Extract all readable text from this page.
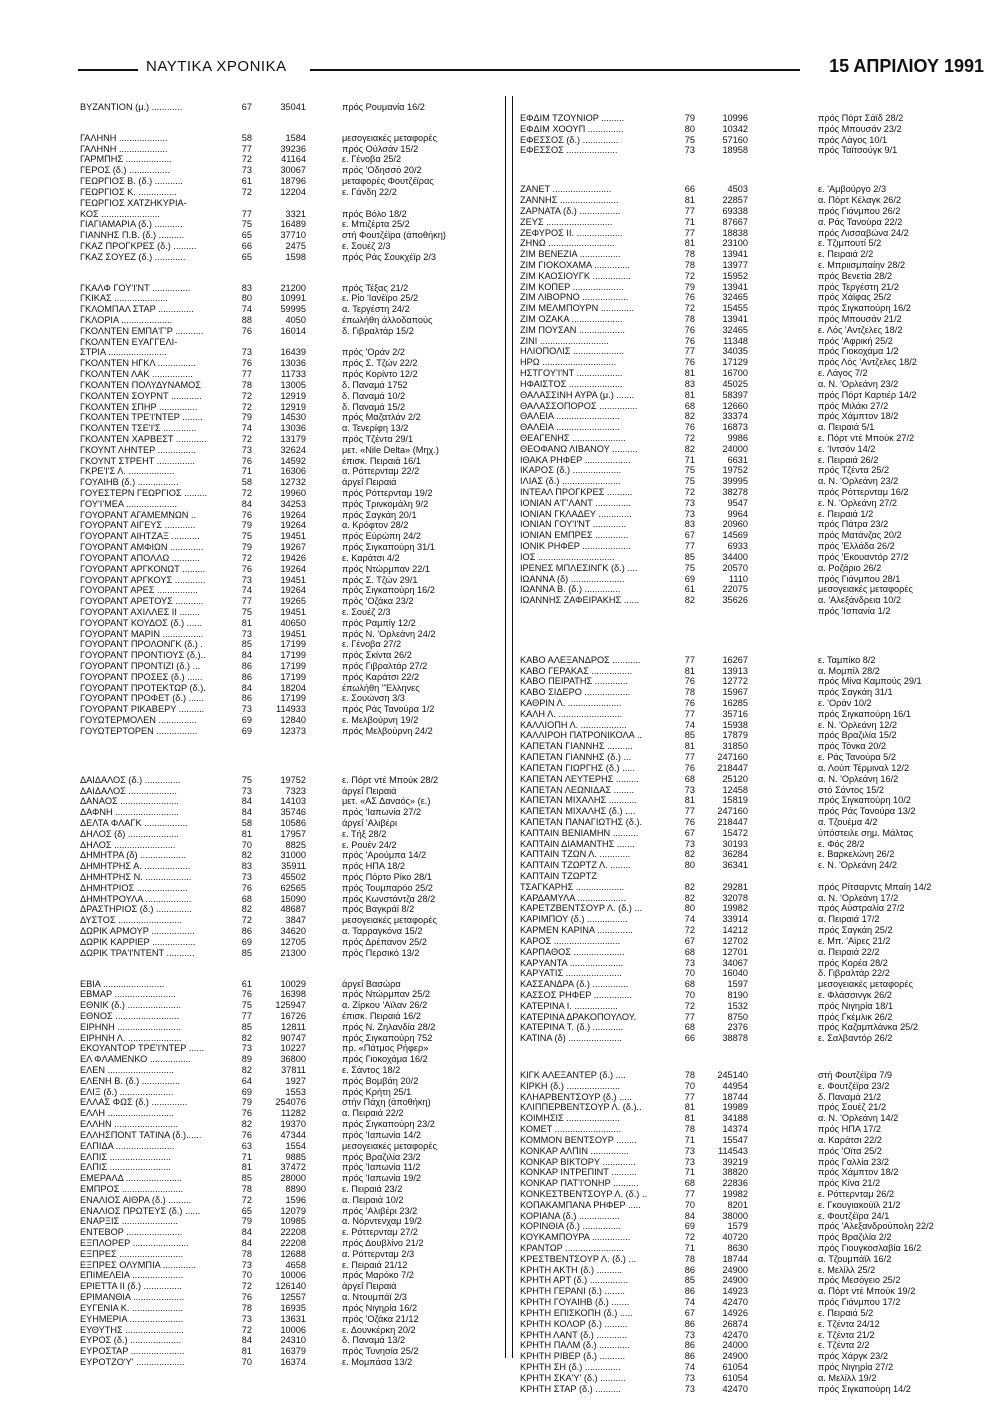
ΝΑΥΤΙΚΑ ΧΡΟΝΙΚΑ	15 ΑΠΡΙΛΙΟΥ 1991
ΒΥΖΑΝΤΙΟΝ (μ.) ............	67	35041	πρός Ρουμανία 16/2
ΓΑΛΗΝΗ ...................	58	1584	μεσογειακές μεταφορές
ΓΑΛΗΝΗ ...................	77	39236	πρός Ούλσάν 15/2
ΓΑΡΜΠΗΣ ..................	72	41164	ε. Γένοβα 25/2
ΓΕΡΟΣ (δ.) ................	73	30067	πρός 'Οδησσό 20/2
ΓΕΩΡΓΙΟΣ Β. (δ.) ...........	61	18796	μεταφορές Φουτζέϊρας
ΓΕΩΡΓΙΟΣ Κ. ...............	72	12204	ε. Γάνδη 22/2
ΓΕΩΡΓΙΟΣ ΧΑΤΖΗΚΥΡΙΑ-
ΚΟΣ .......................	77	3321	πρός Βόλο 18/2
ΓΙΑΓΙΑΜΑΡΙΑ (δ.) ...........	75	16489	ε. Μπιζέρτα 25/2
ΓΙΑΝΝΗΣ Π.Β. (δ.) ..........	65	37710	στή Φουτζέϊρα (άποθήκη)
ΓΚΑΖ ΠΡΟΓΚΡΕΣ (δ.) .........	66	2475	ε. Σουέζ 2/3
ΓΚΑΖ ΣΟΥΕΖ (δ.) ............	65	1598	πρός Ράς Σουκχέϊρ 2/3
ΓΚΑΛΦ ΓΟΥ'Ι'ΝΤ ...............	83	21200	πρός Τέξας 21/2
ΓΚΙΚΑΣ .....................	80	10991	ε. Ρίο 'Ιανέϊρο 25/2
ΓΚΛΟΜΠΑΛ ΣΤΑΡ ..............	74	59995	α. Τεργέστη 24/2
ΓΚΛΟΡΙΑ ....................	88	4050	έπωλήθη άλλοδαπούς
ΓΚΟΛΝΤΕΝ ΕΜΠΑ'Γ'Ρ ...........	76	16014	δ. Γιβραλτάρ 15/2
ΓΚΟΛΝΤΕΝ ΕΥΑΓΓΕΛΙ-
ΣΤΡΙΑ .......................	73	16439	πρός 'Οράν 2/2
ΓΚΟΛΝΤΕΝ ΗΓΚΛ ...............	76	13036	πρός Σ. Τζών 22/2
ΓΚΟΛΝΤΕΝ ΛΑΚ ................	77	11733	πρός Κορίντο 12/2
ΓΚΟΛΝΤΕΝ ΠΟΛΥΔΥΝΑΜΟΣ	78	13005	δ. Παναμά 1752
ΓΚΟΛΝΤΕΝ ΣΟΥΡΝΤ ............	72	12919	δ. Παναμά 10/2
ΓΚΟΛΝΤΕΝ ΣΠΗΡ ...............	72	12919	δ. Παναμά 15/2
ΓΚΟΛΝΤΕΝ ΤΡΕ'Ι'ΝΤΕΡ ........	79	14530	πρός Μαζατλάν 2/2
ΓΚΟΛΝΤΕΝ ΤΣΕ'Ι'Σ .............	74	13036	α. Τενερίφη 13/2
ΓΚΟΛΝΤΕΝ ΧΑΡΒΕΣΤ ............	72	13179	πρός Τζέντα 29/1
ΓΚΟΥΝΤ ΛΗΝΤΕΡ ...............	73	32624	μετ. «Nile Delta» (Μηχ.)
ΓΚΟΥΝΤ ΣΤΡΕΗΤ ...............	76	14592	έπισκ. Πειραιά 16/1
ΓΚΡΕ'Ι'Σ Λ. ..................	71	16306	α. Ρόττερνταμ 22/2
ΓΟΥΑΙΗΒ (δ.) ................	58	12732	άργεΐ Πειραιά
ΓΟΥΕΣΤΕΡΝ ΓΕΩΡΓΙΟΣ .........	72	19960	πρός Ρόττερνταμ 19/2
ΓΟΥ'Ι'ΜΕΑ ....................	84	34253	πρός Τρινκομάλη 9/2
ΓΟΥΟΡΑΝΤ ΑΓΑΜΕΜΝΩΝ ..	76	19264	πρός Σαγκάη 20/1
ΓΟΥΟΡΑΝΤ ΑΙΓΕΥΣ ............	79	19264	α. Κρόφτον 28/2
ΓΟΥΟΡΑΝΤ ΑΙΗΤΖΑΞ ...........	75	19451	πρός Εύρώπη 24/2
ΓΟΥΟΡΑΝΤ ΑΜΦΙΩΝ .............	79	19267	πρός Σιγκαπούρη 31/1
ΓΟΥΟΡΑΝΤ ΑΠΟΛΛΩ ...........	72	19426	ε. Καράτσι 4/2
ΓΟΥΟΡΑΝΤ ΑΡΓΚΟΝΩΤ .........	76	19264	πρός Ντώρμπαν 22/1
ΓΟΥΟΡΑΝΤ ΑΡΓΚΟΥΣ ............	73	19451	πρός Σ. Τζών 29/1
ΓΟΥΟΡΑΝΤ ΑΡΕΣ ................	74	19264	πρός Σιγκαπούρη 16/2
ΓΟΥΟΡΑΝΤ ΑΡΕΤΟΥΣ ...........	77	19265	πρός 'Οζάκα 23/2
ΓΟΥΟΡΑΝΤ ΑΧΙΛΛΕΣ ΙΙ ........	75	19451	ε. Σουέζ 2/3
ΓΟΥΟΡΑΝΤ ΚΟΥΔΟΣ (δ.) ......	81	40650	πρός Ραμπίγ 12/2
ΓΟΥΟΡΑΝΤ ΜΑΡΙΝ ................	73	19451	πρός Ν. 'Ορλεάνη 24/2
ΓΟΥΟΡΑΝΤ ΠΡΟΛΟΝΓΚ (δ.) .	85	17199	ε. Γένοβα 27/2
ΓΟΥΟΡΑΝΤ ΠΡΟΝΤΙΟΥΣ (δ.)..	84	17199	πρός Σκίντα 26/2
ΓΟΥΟΡΑΝΤ ΠΡΟΝΤΙΖΙ (δ.) ...	86	17199	πρός Γιβραλτάρ 27/2
ΓΟΥΟΡΑΝΤ ΠΡΟΣΕΣ (δ.) ......	86	17199	πρός Καράτσι 22/2
ΓΟΥΟΡΑΝΤ ΠΡΟΤΕΚΤΩΡ (δ.).	84	18204	έπωλήθη "Έλληνες
ΓΟΥΟΡΑΝΤ ΠΡΟΦΕΤ (δ.) ......	86	17199	ε. Σουώνση 3/3
ΓΟΥΟΡΑΝΤ ΡΙΚΑΒΕΡΥ ..........	73	114933	πρός Ράς Τανούρα 1/2
ΓΟΥΩΤΕΡΜΟΛΕΝ ...............	69	12840	ε. Μελβούρνη 19/2
ΓΟΥΩΤΕΡΤΟΡΕΝ ................	69	12373	πρός Μελβούρνη 24/2
ΔΑΙΔΑΛΟΣ (δ.) ..............	75	19752	ε. Πόρτ ντέ Μπούκ 28/2
ΔΑΙΔΑΛΟΣ ...................	73	7323	άργεΐ Πειραιά
ΔΑΝΑΟΣ .......................	84	14103	μετ. «ΑΣ Δαναός» (ε.)
ΔΑΦΝΗ .........................	84	35746	πρός 'Ιαπωνία 27/2
ΔΕΛΤΑ ΦΛΑΓΚ .................	58	10586	άργεΐ 'Αλιβέρι
ΔΗΛΟΣ (δ) ....................	81	17957	ε. Τήξ 28/2
ΔΗΛΟΣ ........................	70	8825	ε. Ρουέν 24/2
ΔΗΜΗΤΡΑ (δ) ..................	82	31000	πρός 'Αρούμπα 14/2
ΔΗΜΗΤΡΗΣ Α. ..................	83	35911	πρός ΗΠΑ 18/2
ΔΗΜΗΤΡΗΣ Ν. ..................	73	45502	πρός Πόρτο Ρίκο 28/1
ΔΗΜΗΤΡΙΟΣ ....................	76	62565	πρός Τουμπαρόο 25/2
ΔΗΜΗΤΡΟΥΛΑ ..................	68	15090	πρός Κωνστάντζα 28/2
ΔΡΑΣΤΗΡΙΟΣ (δ.) ..............	82	48687	πρός Βαγκράϊ 8/2
ΔΥΣΤΟΣ .........................	72	3847	μεσογειακές μεταφορές
ΔΩΡΙΚ ΑΡΜΟΥΡ .................	86	34620	α. Ταρραγκόνα 15/2
ΔΩΡΙΚ ΚΑΡΡΙΕΡ .................	69	12705	πρός Δρέπανον 25/2
ΔΩΡΙΚ ΤΡΑ'Ι'ΝΤΕΝΤ ...........	85	21300	πρός Περσικό 13/2
ΕΒΙΑ ........................	61	10029	άργεΐ Βασώρα
ΕΒΜΑΡ ........................	76	16398	πρός Ντώρμπαν 25/2
ΕΘΝΙΚ (δ.) .....................	75	125947	α. Ζίρκου 'Αϊλαν 26/2
ΕΘΝΟΣ .........................	77	16726	έπισκ. Πειραιά 16/2
ΕΙΡΗΝΗ .........................	85	12811	πρός Ν. Ζηλανδία 28/2
ΕΙΡΗΝΗ Λ. .....................	82	90747	πρός Σιγκαπούρη 752
ΕΚΟΥΑΝΤΟΡ ΤΡΕ'Ι'ΝΤΕΡ ......	73	10227	πρ. «Πάτμος Ρήφερ»
ΕΛ ΦΛΑΜΕΝΚΟ ................	89	36800	πρός Γιοκοχάμα 16/2
ΕΛΕΝ ..........................	82	37811	ε. Σάντος 18/2
ΕΛΕΝΗ Β. (δ.) ...............	64	1927	πρός Βομβάη 20/2
ΕΛΙΞ (δ.) .....................	69	1553	πρός Κρήτη 25/1
ΕΛΛΑΣ ΦΩΣ (δ.) ..............	79	254076	στήν Πάχη (άποθήκη)
ΕΛΛΗ ..........................	76	11282	α. Πειραιά 22/2
ΕΛΛΗΝ .........................	82	19370	πρός Σιγκαπούρη 23/2
ΕΛΛΗΣΠΟΝΤ ΤΑΤΙΝΑ (δ.)......	76	47344	πρός 'Ιαπωνία 14/2
ΕΛΠΙΔΑ .......................	63	1554	μεσογειακές μεταφορές
ΕΛΠΙΣ ........................	71	9885	πρός Βραζιλία 23/2
ΕΛΠΙΣ ........................	81	37472	πρός 'Ιαπωνία 11/2
ΕΜΕΡΑΛΔ ......................	85	28000	πρός 'Ιαπωνία 19/2
ΕΜΠΡΟΣ ........................	78	8890	ε. Πειραιά 23/2
ΕΝΑΛΙΟΣ ΑΙΘΡΑ (δ.) .........	72	1596	α. Πειραιά 10/2
ΕΝΑΛΙΟΣ ΠΡΩΤΕΥΣ (δ.) ......	65	12079	πρός 'Αλιβέρι 23/2
ΕΝΑΡΞΙΣ ......................	79	10985	α. Νόρντενχαμ 19/2
ΕΝΤΕΒΟΡ ......................	84	22208	ε. Ρόττερνταμ 27/2
ΕΞΠΛΟΡΕΡ ......................	84	22208	πρός Δουβλίνο 21/2
ΕΞΠΡΕΣ .........................	78	12688	α. Ρόττερνταμ 2/3
ΕΞΠΡΕΣ ΟΛΥΜΠΙΑ .............	73	4658	ε. Πειραιά 21/12
ΕΠΙΜΕΛΕΙΑ ....................	70	10006	πρός Μαρόκο 7/2
ΕΡΙΕΤΤΑ ΙΙ (δ.) ...............	72	126140	άργεΐ Πειραιά
ΕΡΙΜΑΝΘΙΑ ....................	76	12557	α. Ντουμπάϊ 2/3
ΕΥΓΕΝΙΑ Κ. ....................	78	16935	πρός Νιγηρία 16/2
ΕΥΗΜΕΡΙΑ .....................	73	13631	πρός 'Οζάκα 21/12
ΕΥΘΥΤΗΣ .......................	72	10006	ε. Δουνκέρκη 20/2
ΕΥΡΟΣ (δ.) ....................	84	24310	δ. Παναμά 13/2
ΕΥΡΟΣΤΑΡ .....................	81	16379	πρός Τυνησία 25/2
ΕΥΡΟΤΖΟ'Υ' ...................	70	16374	ε. Μομπάσα 13/2
ΕΦΔΙΜ ΤΖΟΥΝΙΟΡ .........	79	10996	πρός Πόρτ Σάϊδ 28/2
ΕΦΔΙΜ ΧΟΟΥΠ ..............	80	10342	πρός Μπουσάν 23/2
ΕΦΕΣΣΟΣ (δ.) ..............	75	57160	πρός Λάγος 10/1
ΕΦΕΣΣΟΣ ....................	73	18958	πρός Ταϊτσούγκ 9/1
ΖΑΝΕΤ .......................	66	4503	ε. 'Αμβούργο 2/3
ΖΑΝΝΗΣ .......................	81	22857	α. Πόρτ Κέλαγκ 26/2
ΖΑΡΝΑΤΑ (δ.) ................	77	69338	πρός Γιάνμπου 26/2
ΖΕΥΣ ..........................	71	87667	α. Ράς Τανούρα 22/2
ΖΕΦΥΡΟΣ ΙΙ. ..................	77	18838	πρός Λισσαβώνα 24/2
ΖΗΝΩ ..........................	81	23100	ε. Τζιμπουτί 5/2
ΖΙΜ ΒΕΝΕΖΙΑ ................	78	13941	ε. Πειραιά 2/2
ΖΙΜ ΓΙΟΚΟΧΑΜΑ ..............	78	13977	ε. Μπριισμπαίην 28/2
ΖΙΜ ΚΑΟΣΙΟΥΓΚ ...............	72	15952	πρός Βενετία 28/2
ΖΙΜ ΚΟΠΕΡ ....................	79	13941	πρός Τεργέστη 21/2
ΖΙΜ ΛΙΒΟΡΝΟ ..................	76	32465	πρός Χάϊφας 25/2
ΖΙΜ ΜΕΛΜΠΟΥΡΝ .............	72	15455	πρός Σιγκαπούρη 16/2
ΖΙΜ ΟΖΑΚΑ ....................	78	13941	πρός Μπουσάν 21/2
ΖΙΜ ΠΟΥΣΑΝ ..................	76	32465	ε. Λός 'Αντζελες 18/2
ΖΙΝΙ ...........................	76	11348	πρός 'Αφρική 25/2
ΗΛΙΟΠΟΛΙΣ ....................	77	34035	πρός Γιοκοχάμα 1/2
ΗΡΩ .............................	76	17129	πρός Λός 'Αντζελες 18/2
ΗΣΤΓΟΥ'Ι'ΝΤ ..................	81	16700	ε. Λάγος 7/2
ΗΦΑΙΣΤΟΣ .....................	83	45025	α. Ν. 'Ορλεάνη 23/2
ΘΑΛΑΣΣΙΝΗ ΑΥΡΑ (μ.) .......	81	58397	πρός Πόρτ Καρτιέρ 14/2
ΘΑΛΑΣΣΟΠΟΡΟΣ ...............	68	12660	πρός Μιλάκι 27/2
ΘΑΛΕΙΑ .........................	82	33374	πρός Χάμπτον 18/2
ΘΑΛΕΙΑ .........................	76	16873	α. Πειραιά 5/1
ΘΕΑΓΕΝΗΣ .....................	72	9986	ε. Πόρτ ντέ Μπούκ 27/2
ΘΕΟΦΑΝΩ ΛΙΒΑΝΟΥ ..........	82	24000	ε. 'Ιντσόν 14/2
ΙΘΑΚΑ ΡΗΦΕΡ ..................	71	6631	ε. Πειραιά 26/2
ΙΚΑΡΟΣ (δ.) ...................	75	19752	πρός Τζέντα 25/2
ΙΛΙΑΣ (δ.) .......................	75	39995	α. Ν. 'Ορλεάνη 23/2
ΙΝΤΕΑΛ ΠΡΟΓΚΡΕΣ ..........	72	38278	πρός Ρόττερνταμ 16/2
ΙΟΝΙΑΝ Α'Γ'ΛΑΝΤ ..............	73	9547	ε. Ν. 'Ορλεάνη 27/2
ΙΟΝΙΑΝ ΓΚΛΑΔΕΥ .............	73	9964	ε. Πειραιά 1/2
ΙΟΝΙΑΝ ΓΟΥ'Ι'ΝΤ .............	83	20960	πρός Πάτρα 23/2
ΙΟΝΙΑΝ ΕΜΠΡΕΣ .............	67	14569	πρός Ματάνζας 20/2
ΙΟΝΙΚ ΡΗΦΕΡ ...................	77	6933	πρός 'Ελλάδα 26/2
ΙΟΣ ..............................	85	34400	πρός 'Εκουαντόρ 27/2
ΙΡΕΝΕΣ ΜΠΛΕΣΙΝΓΚ (δ.) ....	75	20570	α. Ροζάριο 26/2
ΙΩΑΝΝΑ (δ) .....................	69	1110	πρός Γιάνμπου 28/1
ΙΩΑΝΝΑ Β. (δ.) ..............	61	22075	μεσογειακές μεταφορές
ΙΩΑΝΝΗΣ ΖΑΦΕΙΡΑΚΗΣ ......	82	35626	α. 'Αλεξάνδρεια 10/2
πρός 'Ισπανία 1/2
ΚΑΒΟ ΑΛΕΞΑΝΔΡΟΣ ...........	77	16267	ε. Ταμπίκο 8/2
ΚΑΒΟ ΓΕΡΑΚΑΣ ................	81	13913	α. Μομπίλ 28/2
ΚΑΒΟ ΠΕΙΡΑΤΗΣ .............	76	12772	πρός Μίνα Καμπούς 29/1
ΚΑΒΟ ΣΙΔΕΡΟ ..................	78	15967	πρός Σαγκάη 31/1
ΚΑΘΡΙΝ Λ. .....................	76	16285	ε. 'Οράν 10/2
ΚΑΛΗ Λ. .........................	77	35716	πρός Σιγκαπούρη 16/1
ΚΑΛΛΙΟΠΗ Λ. ..................	74	15938	ε. Ν. 'Ορλεάνη 12/2
ΚΑΛΛΙΡΟΗ ΠΑΤΡΟΝΙΚΟΛΑ ..	85	17879	πρός Βραζιλία 15/2
ΚΑΠΕΤΑΝ ΓΙΑΝΝΗΣ ..........	81	31850	πρός Τόνκα 20/2
ΚΑΠΕΤΑΝ ΓΙΑΝΝΗΣ (δ.) ...	77	247160	ε. Ράς Τανούρα 5/2
ΚΑΠΕΤΑΝ ΓΙΩΡΓΗΣ (δ.) .....	76	218447	α. Λούπ Τέρμιναλ 12/2
ΚΑΠΕΤΑΝ ΛΕΥΤΕΡΗΣ .........	68	25120	α. Ν. 'Ορλεάνη 16/2
ΚΑΠΕΤΑΝ ΛΕΩΝΙΔΑΣ ........	73	12458	στό Σάντος 15/2
ΚΑΠΕΤΑΝ ΜΙΧΑΛΗΣ ...........	81	15819	πρός Σιγκαπούρη 10/2
ΚΑΠΕΤΑΝ ΜΙΧΑΛΗΣ (δ.) ....	77	247160	πρός Ράς Τανούρα 13/2
ΚΑΠΕΤΑΝ ΠΑΝΑΓΙΩΤΗΣ (δ.).	76	218447	α. Τζουέμα 4/2
ΚΑΠΤΑΙΝ ΒΕΝΙΑΜΗΝ ..........	67	15472	ύπόστειλε σημ. Μάλτας
ΚΑΠΤΑΙΝ ΔΙΑΜΑΝΤΗΣ .......	73	30193	ε. Φός 28/2
ΚΑΠΤΑΙΝ ΤΖΩΝ Λ. ............	82	36284	ε. Βαρκελώνη 26/2
ΚΑΠΤΑΙΝ ΤΖΩΡΤΖ Λ. ........	80	36341	ε. Ν. 'Ορλεάνη 24/2
ΚΑΠΤΑΙΝ ΤΖΩΡΤΖ
ΤΣΑΓΚΑΡΗΣ ...................	82	29281	πρός Ρίτσαρντς Μπαίη 14/2
ΚΑΡΔΑΜΥΛΑ ...................	82	32078	α. Ν. 'Ορλεάνη 17/2
ΚΑΡΕΤΖΒΕΝΤΣΟΥΡ Λ. (δ.) ...	80	19982	πρός Αύστραλία 27/2
ΚΑΡΙΜΠΟΥ (δ.) ................	74	33914	α. Πειραιά 17/2
ΚΑΡΜΕΝ ΚΑΡΙΝΑ ..............	72	14212	πρός Σαγκάη 25/2
ΚΑΡΟΣ ..........................	67	12702	ε. Μπ. 'Αϊρες 21/2
ΚΑΡΠΑΘΟΣ ....................	68	12701	α. Πειραιά 22/2
ΚΑΡΥΑΝΤΑ .....................	73	34067	πρός Κορέα 28/2
ΚΑΡΥΑΤΙΣ ......................	70	16040	δ. Γιβραλτάρ 22/2
ΚΑΣΣΑΝΔΡΑ (δ.) ..............	68	1597	μεσογειακές μεταφορές
ΚΑΣΣΟΣ ΡΗΦΕΡ ...............	70	8190	ε. Φλάσσινγκ 26/2
ΚΑΤΕΡΙΝΑ Ι. .................	72	1532	πρός Νιγηρία 18/1
ΚΑΤΕΡΙΝΑ ΔΡΑΚΟΠΟΥΛΟΥ.	77	8750	πρός Γκέμλικ 26/2
ΚΑΤΕΡΙΝΑ Τ. (δ.) ............	68	2376	πρός Καζαμπλάνκα 25/2
ΚΑΤΙΝΑ (δ) .....................	66	38878	ε. Σαλβαντόρ 26/2
ΚΙΓΚ ΑΛΕΞΑΝΤΕΡ (δ.) ....	78	245140	στή Φουτζέϊρα 7/9
ΚΙΡΚΗ (δ.) .....................	70	44954	ε. Φουτζέϊρα 23/2
ΚΛΗΑΡΒΕΝΤΣΟΥΡ (δ.) .....	77	18744	δ. Παναμά 21/2
ΚΛΙΠΠΕΡΒΕΝΤΣΟΥΡ Λ. (δ.)..	81	19989	πρός Σουέζ 21/2
ΚΟΙΜΗΣΙΣ .....................	81	34188	α. Ν. 'Ορλεάνη 14/2
ΚΟΜΕΤ ..........................	78	14374	πρός ΗΠΑ 17/2
ΚΟΜΜΟΝ ΒΕΝΤΣΟΥΡ ........	71	15547	α. Καράτσι 22/2
ΚΟΝΚΑΡ ΑΛΠΙΝ ...............	73	114543	πρός 'Οϊτα 25/2
ΚΟΝΚΑΡ ΒΙΚΤΟΡΥ .............	73	39219	πρός Γαλλία 23/2
ΚΟΝΚΑΡ ΙΝΤΡΕΠΙΝΤ ..........	71	38820	πρός Χάμπτον 18/2
ΚΟΝΚΑΡ ΠΑΤ'Ι'ΟΝΗΡ ..........	68	22836	πρός Κίνα 21/2
ΚΟΝΚΕΣΤΒΕΝΤΣΟΥΡ Λ. (δ.) ..	77	19982	ε. Ρόττερνταμ 26/2
ΚΟΠΑΚΑΜΠΑΝΑ ΡΗΦΕΡ .....	70	8201	ε. Γκουγιακούϊλ 21/2
ΚΟΡΙΑΝΑ (δ.) ................	84	38000	ε. Φουτζέϊρα 24/1
ΚΟΡΙΝΘΙΑ (δ.) ...............	69	1579	πρός 'Αλεξανδρούπολη 22/2
ΚΟΥΚΑΜΠΟΥΡΑ ...............	72	40720	πρός Βραζιλία 2/2
ΚΡΑΝΤΩΡ .......................	71	8630	πρός Γιουγκοσλαβία 16/2
ΚΡΕΣΤΒΕΝΤΣΟΥΡ Λ. (δ.) ...	78	18744	α. Τζουμπάϊλ 16/2
ΚΡΗΤΗ ΑΚΤΗ (δ.) ..........	86	24900	ε. Μελίλλ 25/2
ΚΡΗΤΗ ΑΡΤ (δ.) ...............	85	24900	πρός Μεσόγειο 25/2
ΚΡΗΤΗ ΓΕΡΑΝΙ (δ.) ........	86	14923	α. Πόρτ ντέ Μπούκ 19/2
ΚΡΗΤΗ ΓΟΥΑΙΗΒ (δ.) .......	74	42470	πρός Γιάνμπου 17/2
ΚΡΗΤΗ ΕΠΙΣΚΟΠΗ (δ.) .....	67	14926	ε. Πειραιά 5/2
ΚΡΗΤΗ ΚΟΛΟΡ (δ.) .........	86	26874	ε. Τζέντα 24/12
ΚΡΗΤΗ ΛΑΝΤ (δ.) ............	73	42470	ε. Τζέντα 21/2
ΚΡΗΤΗ ΠΑΛΜ (δ.) ............	86	24000	ε. Τζέντα 2/2
ΚΡΗΤΗ ΡΙΒΕΡ (δ.) ..........	86	24900	πρός Χάργκ 23/2
ΚΡΗΤΗ ΣΗ (δ.) ..............	74	61054	πρός Νιγηρία 27/2
ΚΡΗΤΗ ΣΚΑ'Υ' (δ.) ..........	73	61054	α. Μελίλλ 19/2
ΚΡΗΤΗ ΣΤΑΡ (δ.) ..........	73	42470	πρός Σιγκαπούρη 14/2
